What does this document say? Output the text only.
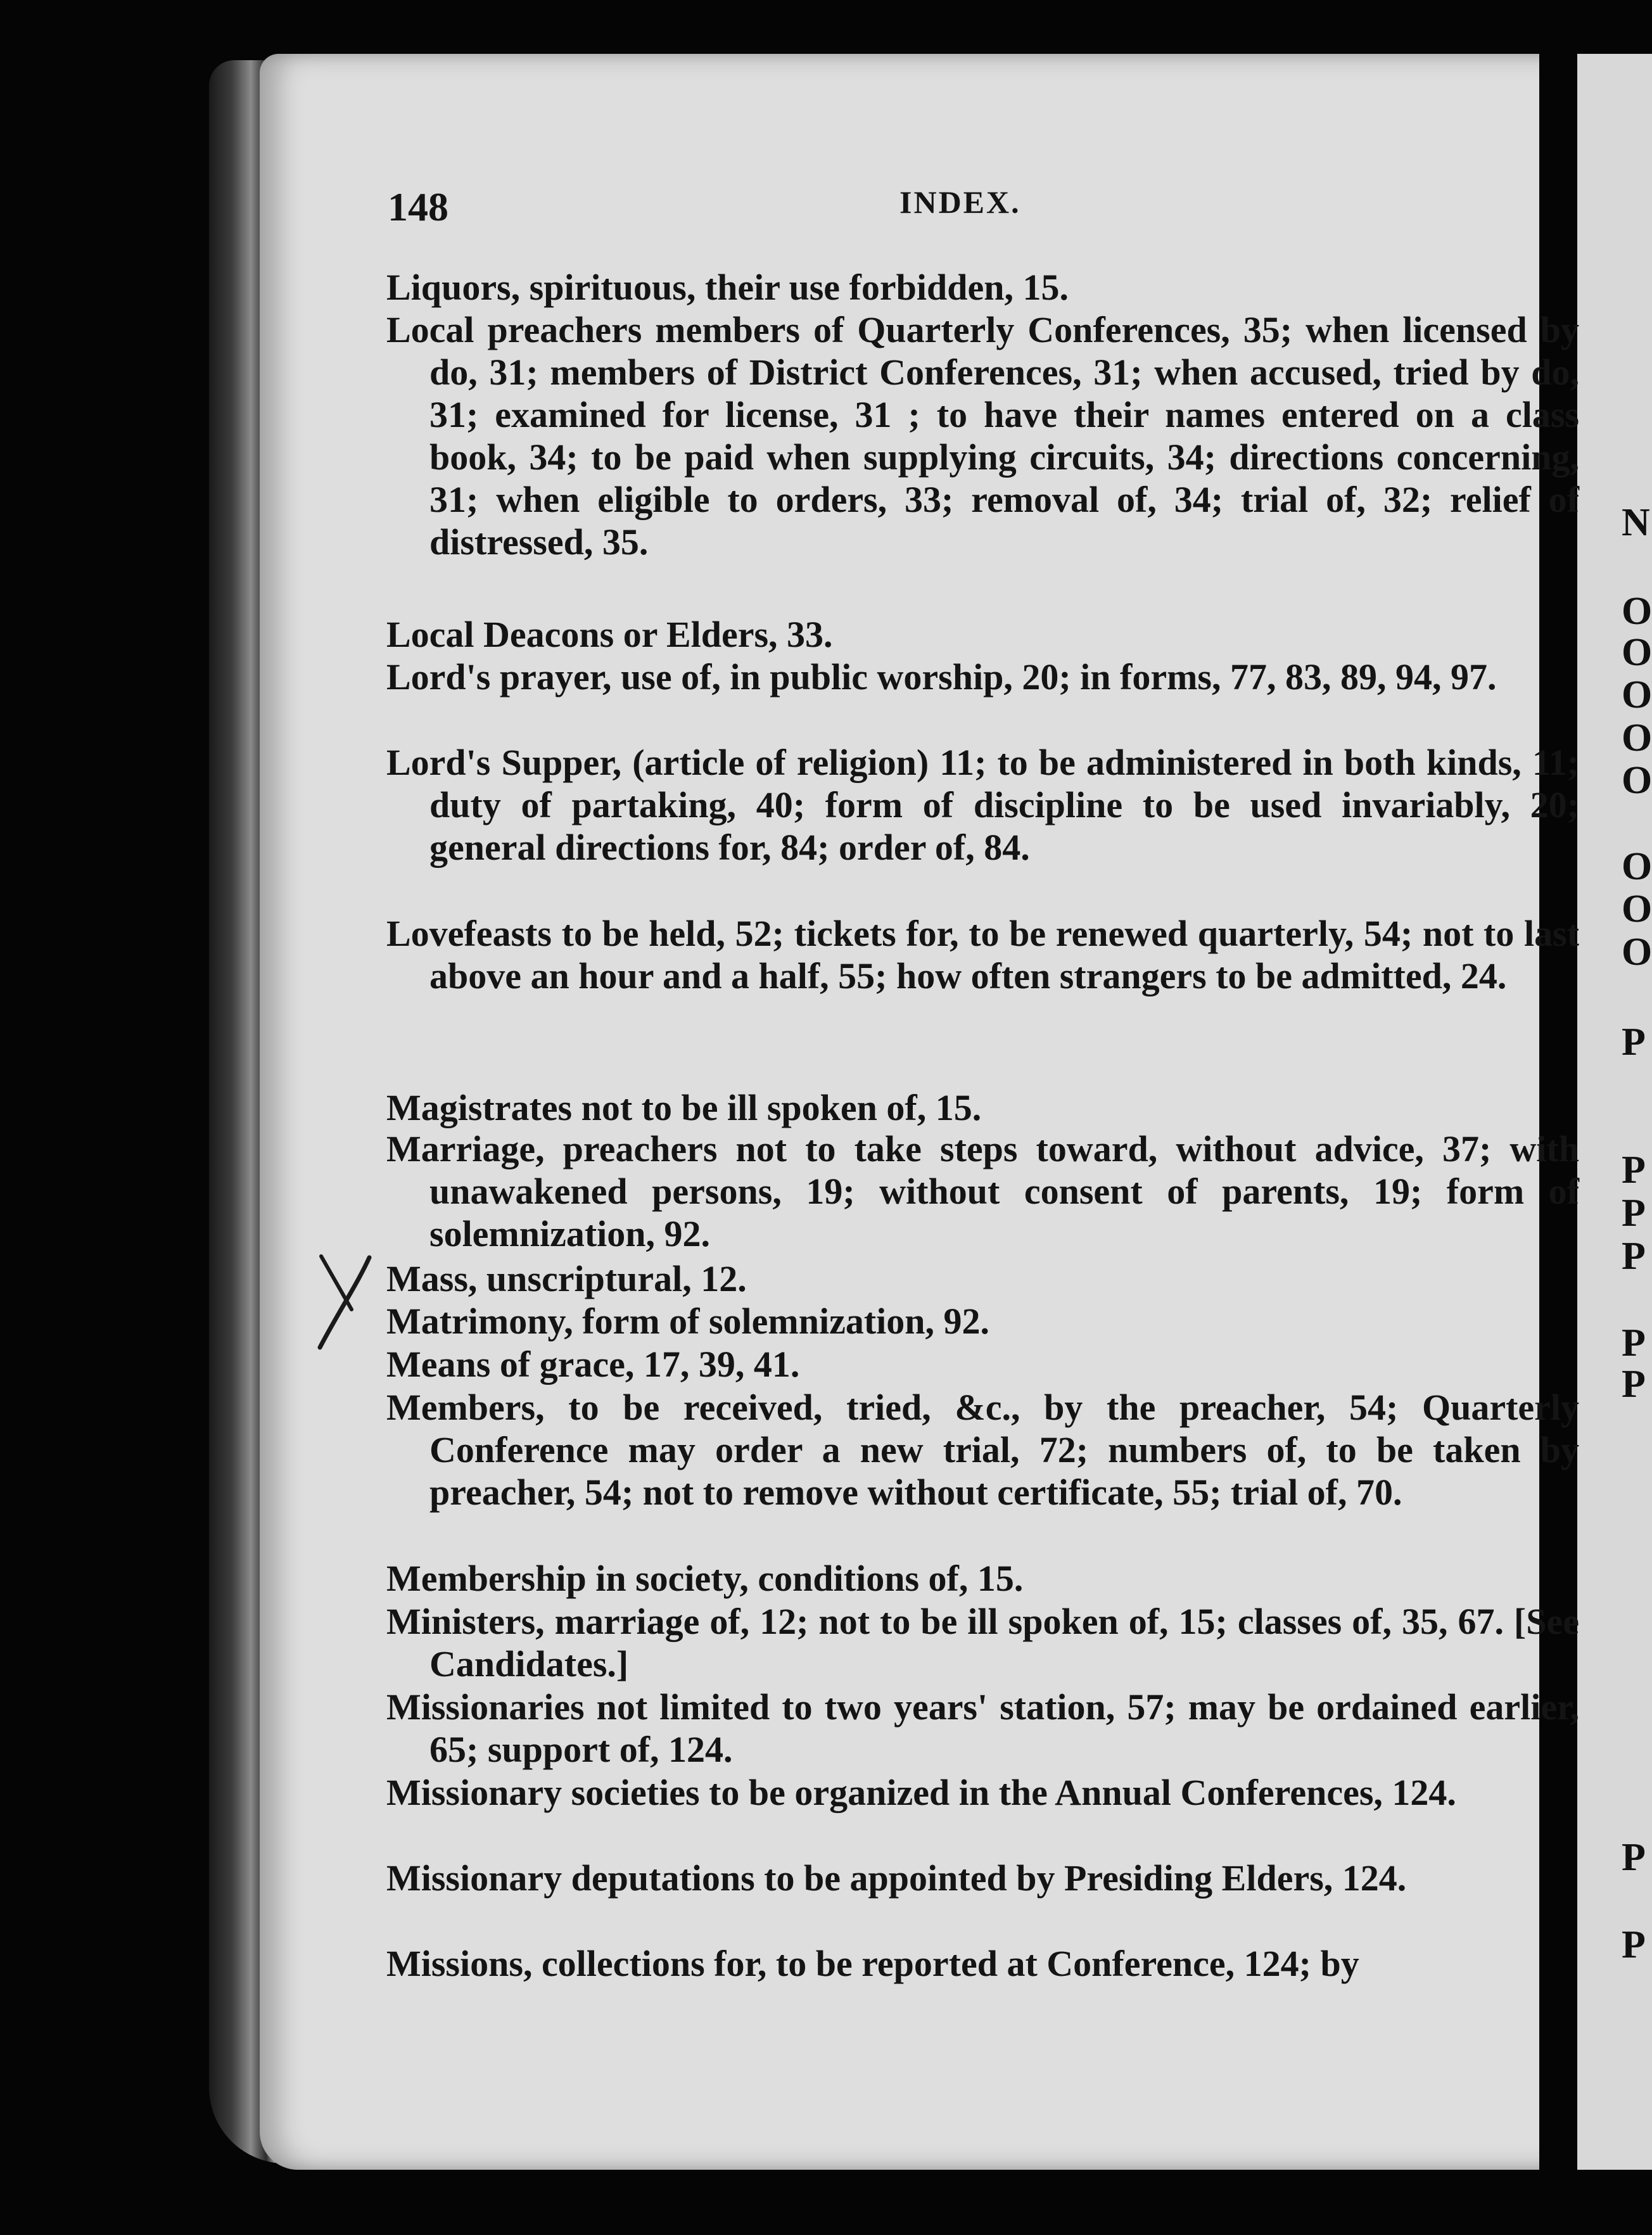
148	INDEX.
Liquors, spirituous, their use forbidden, 15.
Local preachers members of Quarterly Conferences, 35; when licensed by do, 31; members of District Conferences, 31; when accused, tried by do, 31; examined for license, 31 ; to have their names entered on a class book, 34; to be paid when supplying circuits, 34; directions concerning, 31; when eligible to orders, 33; removal of, 34; trial of, 32; relief of distressed, 35.
Local Deacons or Elders, 33.
Lord's prayer, use of, in public worship, 20; in forms, 77, 83, 89, 94, 97.
Lord's Supper, (article of religion) 11; to be administered in both kinds, 11; duty of partaking, 40; form of discipline to be used invariably, 20; general directions for, 84; order of, 84.
Lovefeasts to be held, 52; tickets for, to be renewed quarterly, 54; not to last above an hour and a half, 55; how often strangers to be admitted, 24.
Magistrates not to be ill spoken of, 15.
Marriage, preachers not to take steps toward, without advice, 37; with unawakened persons, 19; without consent of parents, 19; form of solemnization, 92.
Mass, unscriptural, 12.
Matrimony, form of solemnization, 92.
Means of grace, 17, 39, 41.
Members, to be received, tried, &c., by the preacher, 54; Quarterly Conference may order a new trial, 72; numbers of, to be taken by preacher, 54; not to remove without certificate, 55; trial of, 70.
Membership in society, conditions of, 15.
Ministers, marriage of, 12; not to be ill spoken of, 15; classes of, 35, 67. [See Candidates.]
Missionaries not limited to two years' station, 57; may be ordained earlier, 65; support of, 124.
Missionary societies to be organized in the Annual Conferences, 124.
Missionary deputations to be appointed by Presiding Elders, 124.
Missions, collections for, to be reported at Conference, 124; by
N
O
O
O
O
O
O
O
O
P
P
P
P
P
P
P
P
